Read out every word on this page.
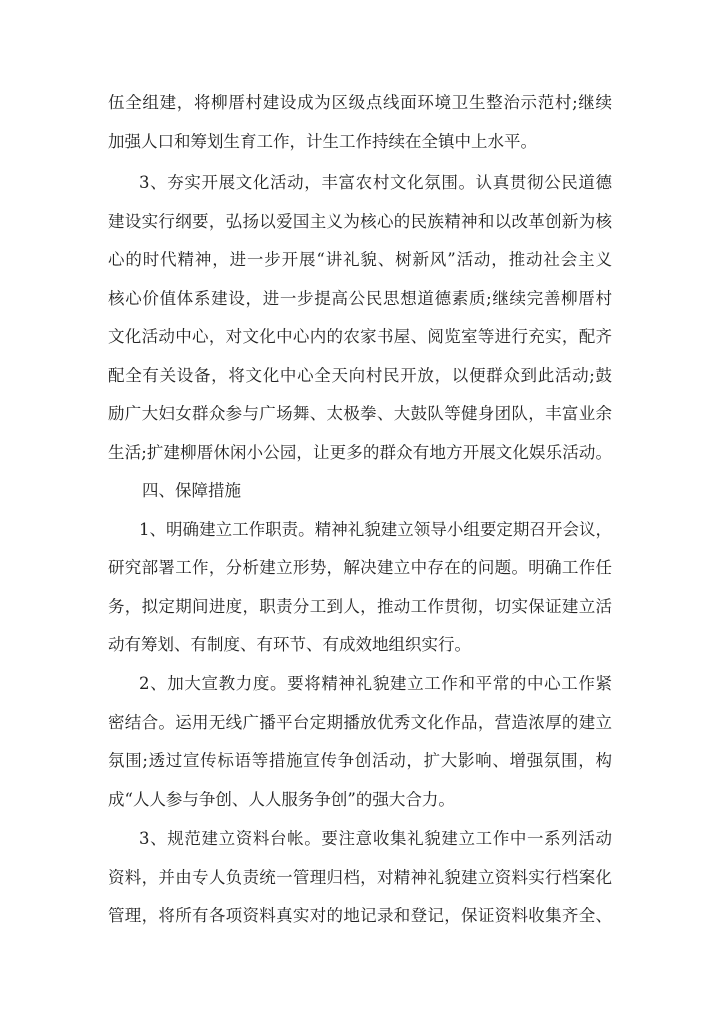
伍全组建，将柳厝村建设成为区级点线面环境卫生整治示范村;继续
加强人口和筹划生育工作，计生工作持续在全镇中上水平。
3、夯实开展文化活动，丰富农村文化氛围。认真贯彻公民道德
建设实行纲要，弘扬以爱国主义为核心的民族精神和以改革创新为核
心的时代精神，进一步开展“讲礼貌、树新风”活动，推动社会主义
核心价值体系建设，进一步提高公民思想道德素质;继续完善柳厝村
文化活动中心，对文化中心内的农家书屋、阅览室等进行充实，配齐
配全有关设备，将文化中心全天向村民开放，以便群众到此活动;鼓
励广大妇女群众参与广场舞、太极拳、大鼓队等健身团队，丰富业余
生活;扩建柳厝休闲小公园，让更多的群众有地方开展文化娱乐活动。
四、保障措施
1、明确建立工作职责。精神礼貌建立领导小组要定期召开会议，
研究部署工作，分析建立形势，解决建立中存在的问题。明确工作任
务，拟定期间进度，职责分工到人，推动工作贯彻，切实保证建立活
动有筹划、有制度、有环节、有成效地组织实行。
2、加大宣教力度。要将精神礼貌建立工作和平常的中心工作紧
密结合。运用无线广播平台定期播放优秀文化作品，营造浓厚的建立
氛围;透过宣传标语等措施宣传争创活动，扩大影响、增强氛围，构
成“人人参与争创、人人服务争创”的强大合力。
3、规范建立资料台帐。要注意收集礼貌建立工作中一系列活动
资料，并由专人负责统一管理归档，对精神礼貌建立资料实行档案化
管理，将所有各项资料真实对的地记录和登记，保证资料收集齐全、
